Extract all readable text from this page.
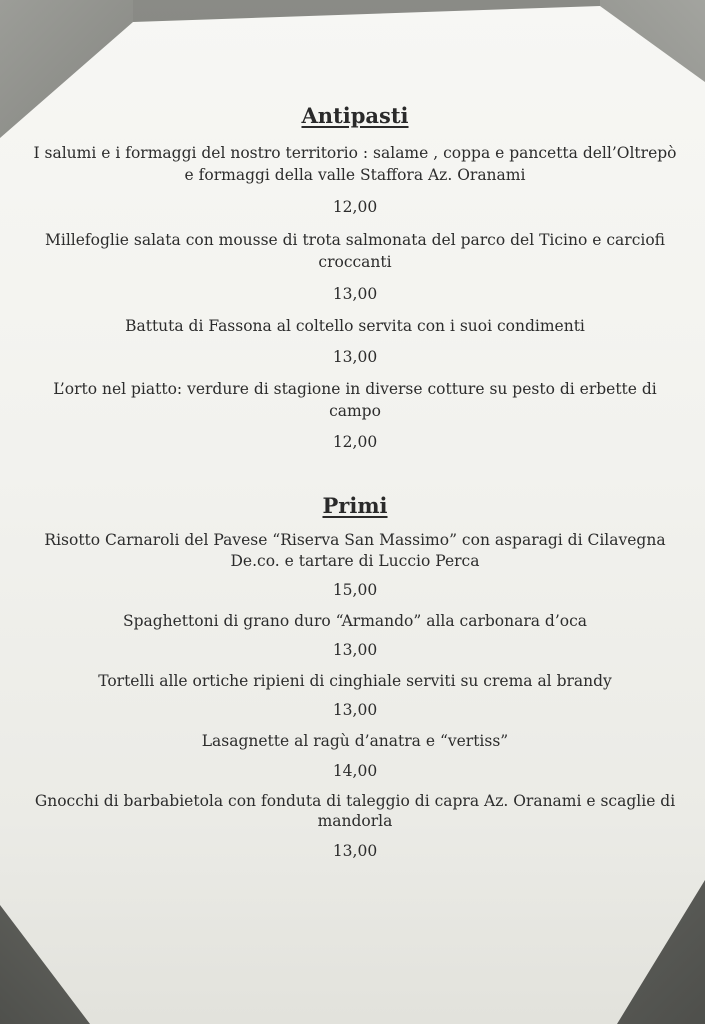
Antipasti

I salumi e i formaggi del nostro territorio : salame , coppa e pancetta dell’Oltrepò

e formaggi della valle Staffora Az. Oranami

12,00

Millefoglie salata con mousse di trota salmonata del parco del Ticino e carciofi

croccanti

13,00

Battuta di Fassona al coltello servita con i suoi condimenti

13,00

L’orto nel piatto: verdure di stagione in diverse cotture su pesto di erbette di

campo

12,00

Primi

Risotto Carnaroli del Pavese “Riserva San Massimo” con asparagi di Cilavegna

De.co. e tartare di Luccio Perca

15,00

Spaghettoni di grano duro “Armando” alla carbonara d’oca

13,00

Tortelli alle ortiche ripieni di cinghiale serviti su crema al brandy

13,00

Lasagnette al ragù d’anatra e “vertiss”

14,00

Gnocchi di barbabietola con fonduta di taleggio di capra Az. Oranami e scaglie di

mandorla

13,00
